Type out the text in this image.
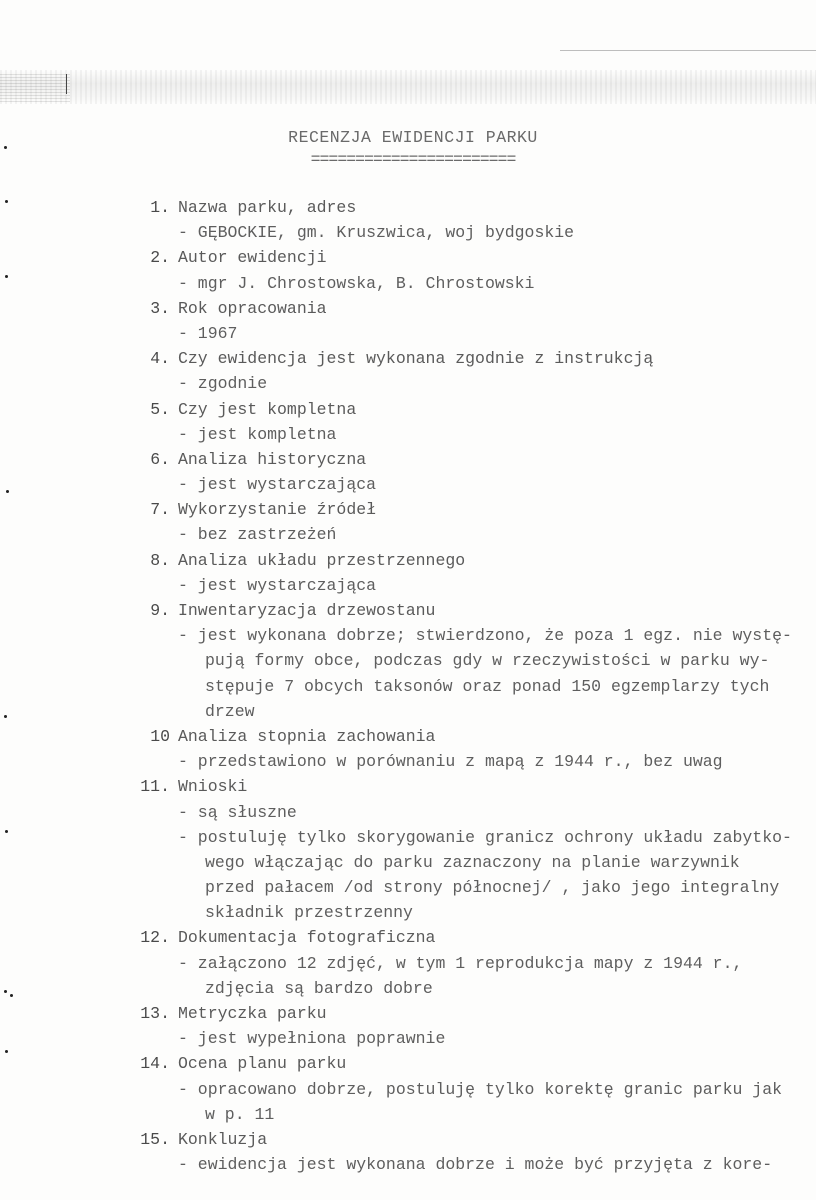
RECENZJA EWIDENCJI PARKU
=======================
1. Nazwa parku, adres
- GĘBOCKIE, gm. Kruszwica, woj bydgoskie
2. Autor ewidencji
- mgr J. Chrostowska, B. Chrostowski
3. Rok opracowania
- 1967
4. Czy ewidencja jest wykonana zgodnie z instrukcją
- zgodnie
5. Czy jest kompletna
- jest kompletna
6. Analiza historyczna
- jest wystarczająca
7. Wykorzystanie źródeł
- bez zastrzeżeń
8. Analiza układu przestrzennego
- jest wystarczająca
9. Inwentaryzacja drzewostanu
- jest wykonana dobrze; stwierdzono, że poza 1 egz. nie wystę-
pują formy obce, podczas gdy w rzeczywistości w parku wy-
stępuje 7 obcych taksonów oraz ponad 150 egzemplarzy tych
drzew
10 Analiza stopnia zachowania
- przedstawiono w porównaniu z mapą z 1944 r., bez uwag
11. Wnioski
- są słuszne
- postuluję tylko skorygowanie granicz ochrony układu zabytko-
wego włączając do parku zaznaczony na planie warzywnik
przed pałacem /od strony północnej/ , jako jego integralny
składnik przestrzenny
12. Dokumentacja fotograficzna
- załączono 12 zdjęć, w tym 1 reprodukcja mapy z 1944 r.,
zdjęcia są bardzo dobre
13. Metryczka parku
- jest wypełniona poprawnie
14. Ocena planu parku
- opracowano dobrze, postuluję tylko korektę granic parku jak
w p. 11
15. Konkluzja
- ewidencja jest wykonana dobrze i może być przyjęta z kore-
